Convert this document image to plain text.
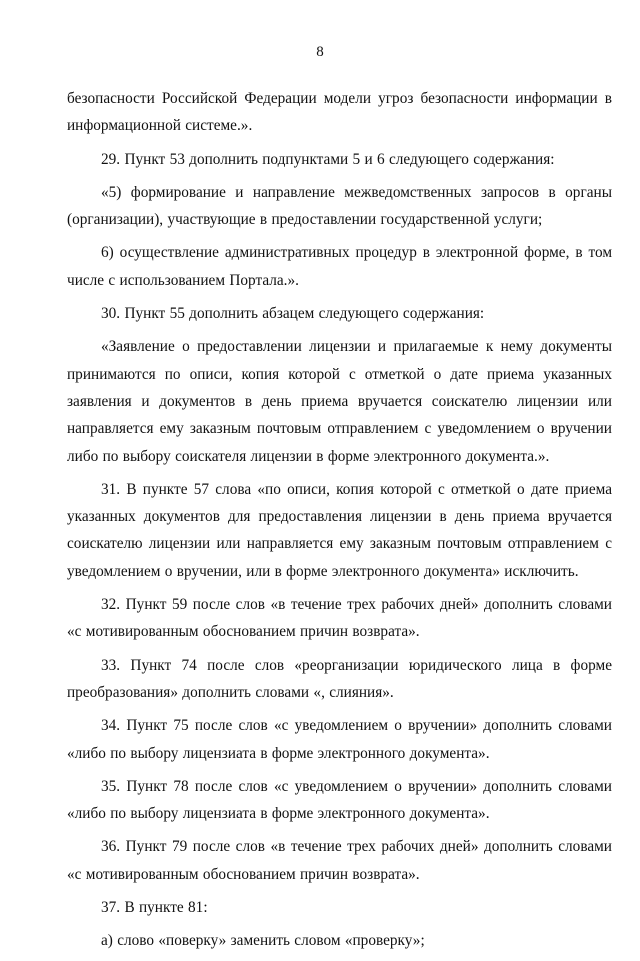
8

безопасности Российской Федерации модели угроз безопасности информации в информационной системе.».

29. Пункт 53 дополнить подпунктами 5 и 6 следующего содержания:

«5) формирование и направление межведомственных запросов в органы (организации), участвующие в предоставлении государственной услуги;

6) осуществление административных процедур в электронной форме, в том числе с использованием Портала.».

30. Пункт 55 дополнить абзацем следующего содержания:

«Заявление о предоставлении лицензии и прилагаемые к нему документы принимаются по описи, копия которой с отметкой о дате приема указанных заявления и документов в день приема вручается соискателю лицензии или направляется ему заказным почтовым отправлением с уведомлением о вручении либо по выбору соискателя лицензии в форме электронного документа.».

31. В пункте 57 слова «по описи, копия которой с отметкой о дате приема указанных документов для предоставления лицензии в день приема вручается соискателю лицензии или направляется ему заказным почтовым отправлением с уведомлением о вручении, или в форме электронного документа» исключить.

32. Пункт 59 после слов «в течение трех рабочих дней» дополнить словами «с мотивированным обоснованием причин возврата».

33. Пункт 74 после слов «реорганизации юридического лица в форме преобразования» дополнить словами «, слияния».

34. Пункт 75 после слов «с уведомлением о вручении» дополнить словами «либо по выбору лицензиата в форме электронного документа».

35. Пункт 78 после слов «с уведомлением о вручении» дополнить словами «либо по выбору лицензиата в форме электронного документа».

36. Пункт 79 после слов «в течение трех рабочих дней» дополнить словами «с мотивированным обоснованием причин возврата».

37. В пункте 81:

а) слово «поверку» заменить словом «проверку»;
